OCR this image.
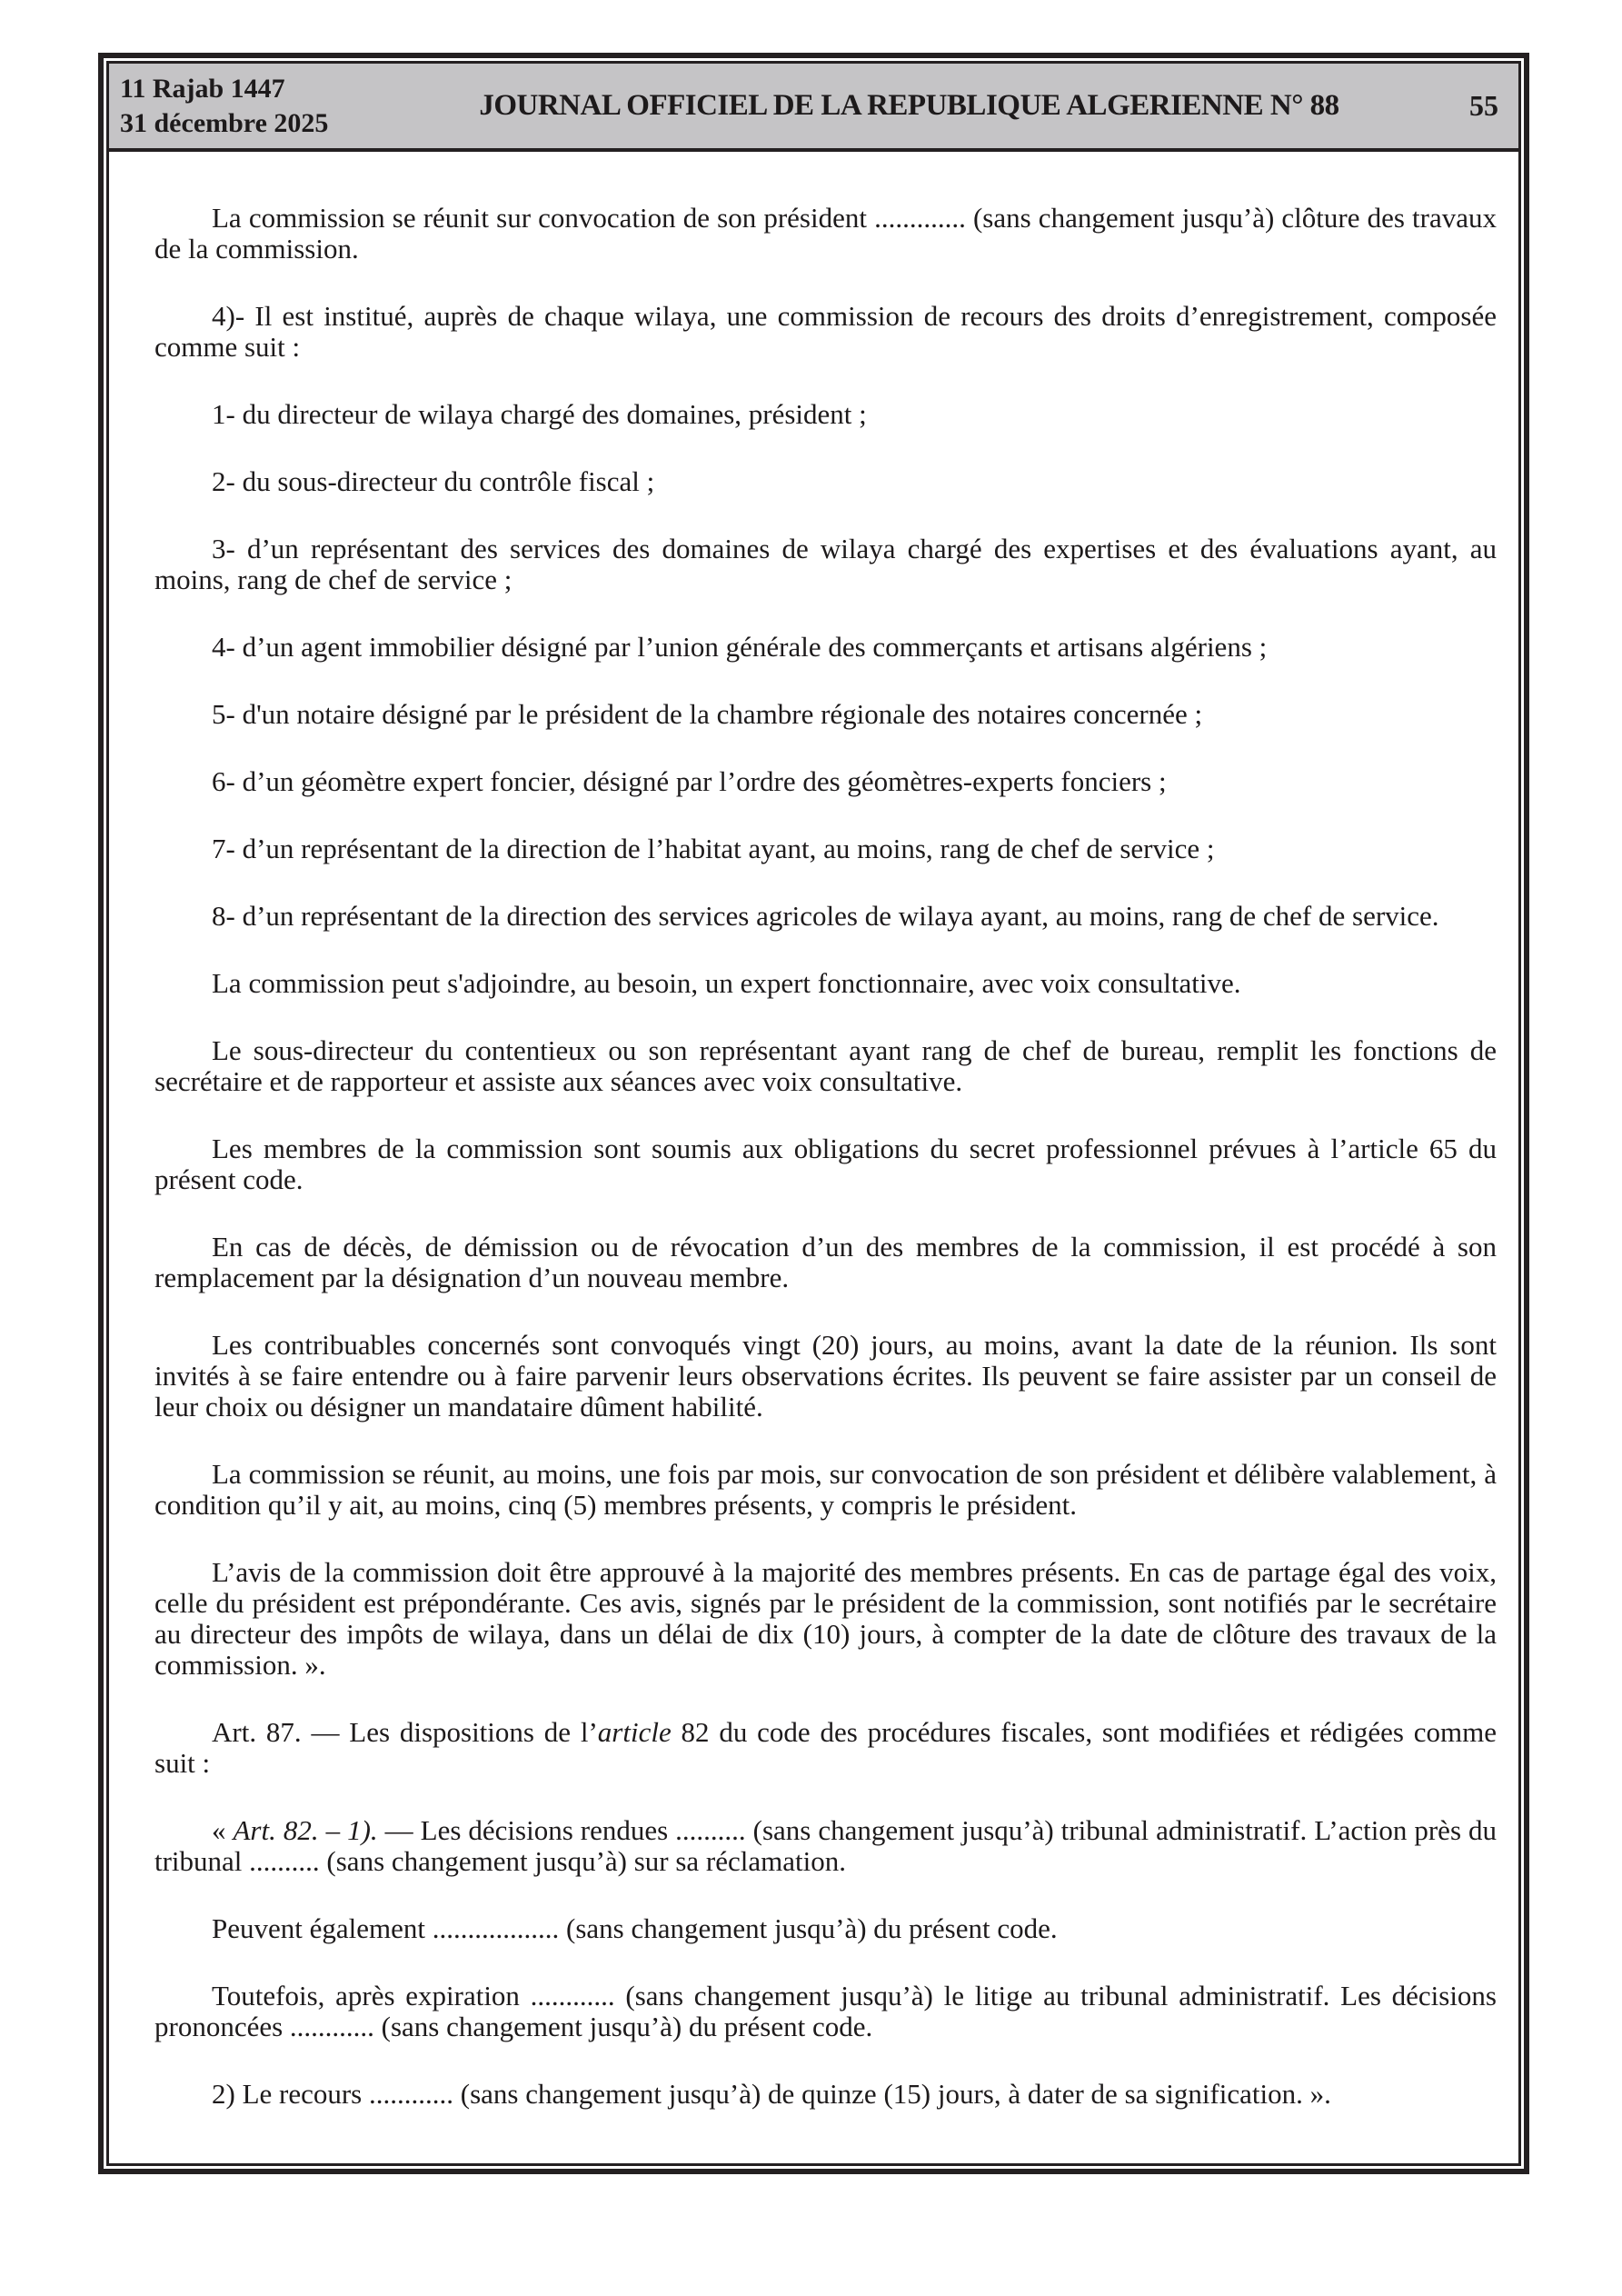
11 Rajab 1447
31 décembre 2025
JOURNAL OFFICIEL DE LA REPUBLIQUE ALGERIENNE N° 88	55

La commission se réunit sur convocation de son président ............. (sans changement jusqu’à) clôture des travaux de la commission.

4)- Il est institué, auprès de chaque wilaya, une commission de recours des droits d’enregistrement, composée comme suit :

1- du directeur de wilaya chargé des domaines, président ;

2- du sous-directeur du contrôle fiscal ;

3- d’un représentant des services des domaines de wilaya chargé des expertises et des évaluations ayant, au moins, rang de chef de service ;

4- d’un agent immobilier désigné par l’union générale des commerçants et artisans algériens ;

5- d'un notaire désigné par le président de la chambre régionale des notaires concernée ;

6- d’un géomètre expert foncier, désigné par l’ordre des géomètres-experts fonciers ;

7- d’un représentant de la direction de l’habitat ayant, au moins, rang de chef de service ;

8- d’un représentant de la direction des services agricoles de wilaya ayant, au moins, rang de chef de service.

La commission peut s'adjoindre, au besoin, un expert fonctionnaire, avec voix consultative.

Le sous-directeur du contentieux ou son représentant ayant rang de chef de bureau, remplit les fonctions de secrétaire et de rapporteur et assiste aux séances avec voix consultative.

Les membres de la commission sont soumis aux obligations du secret professionnel prévues à l’article 65 du présent code.

En cas de décès, de démission ou de révocation d’un des membres de la commission, il est procédé à son remplacement par la désignation d’un nouveau membre.

Les contribuables concernés sont convoqués vingt (20) jours, au moins, avant la date de la réunion. Ils sont invités à se faire entendre ou à faire parvenir leurs observations écrites. Ils peuvent se faire assister par un conseil de leur choix ou désigner un mandataire dûment habilité.

La commission se réunit, au moins, une fois par mois, sur convocation de son président et délibère valablement, à condition qu’il y ait, au moins, cinq (5) membres présents, y compris le président.

L’avis de la commission doit être approuvé à la majorité des membres présents. En cas de partage égal des voix, celle du président est prépondérante. Ces avis, signés par le président de la commission, sont notifiés par le secrétaire au directeur des impôts de wilaya, dans un délai de dix (10) jours, à compter de la date de clôture des travaux de la commission. ».

Art. 87. — Les dispositions de l’article 82 du code des procédures fiscales, sont modifiées et rédigées comme suit :

« Art. 82. – 1). — Les décisions rendues .......... (sans changement jusqu’à) tribunal administratif. L’action près du tribunal .......... (sans changement jusqu’à) sur sa réclamation.

Peuvent également .................. (sans changement jusqu’à) du présent code.

Toutefois, après expiration ............ (sans changement jusqu’à) le litige au tribunal administratif. Les décisions prononcées ............ (sans changement jusqu’à) du présent code.

2) Le recours ............ (sans changement jusqu’à) de quinze (15) jours, à dater de sa signification. ».
